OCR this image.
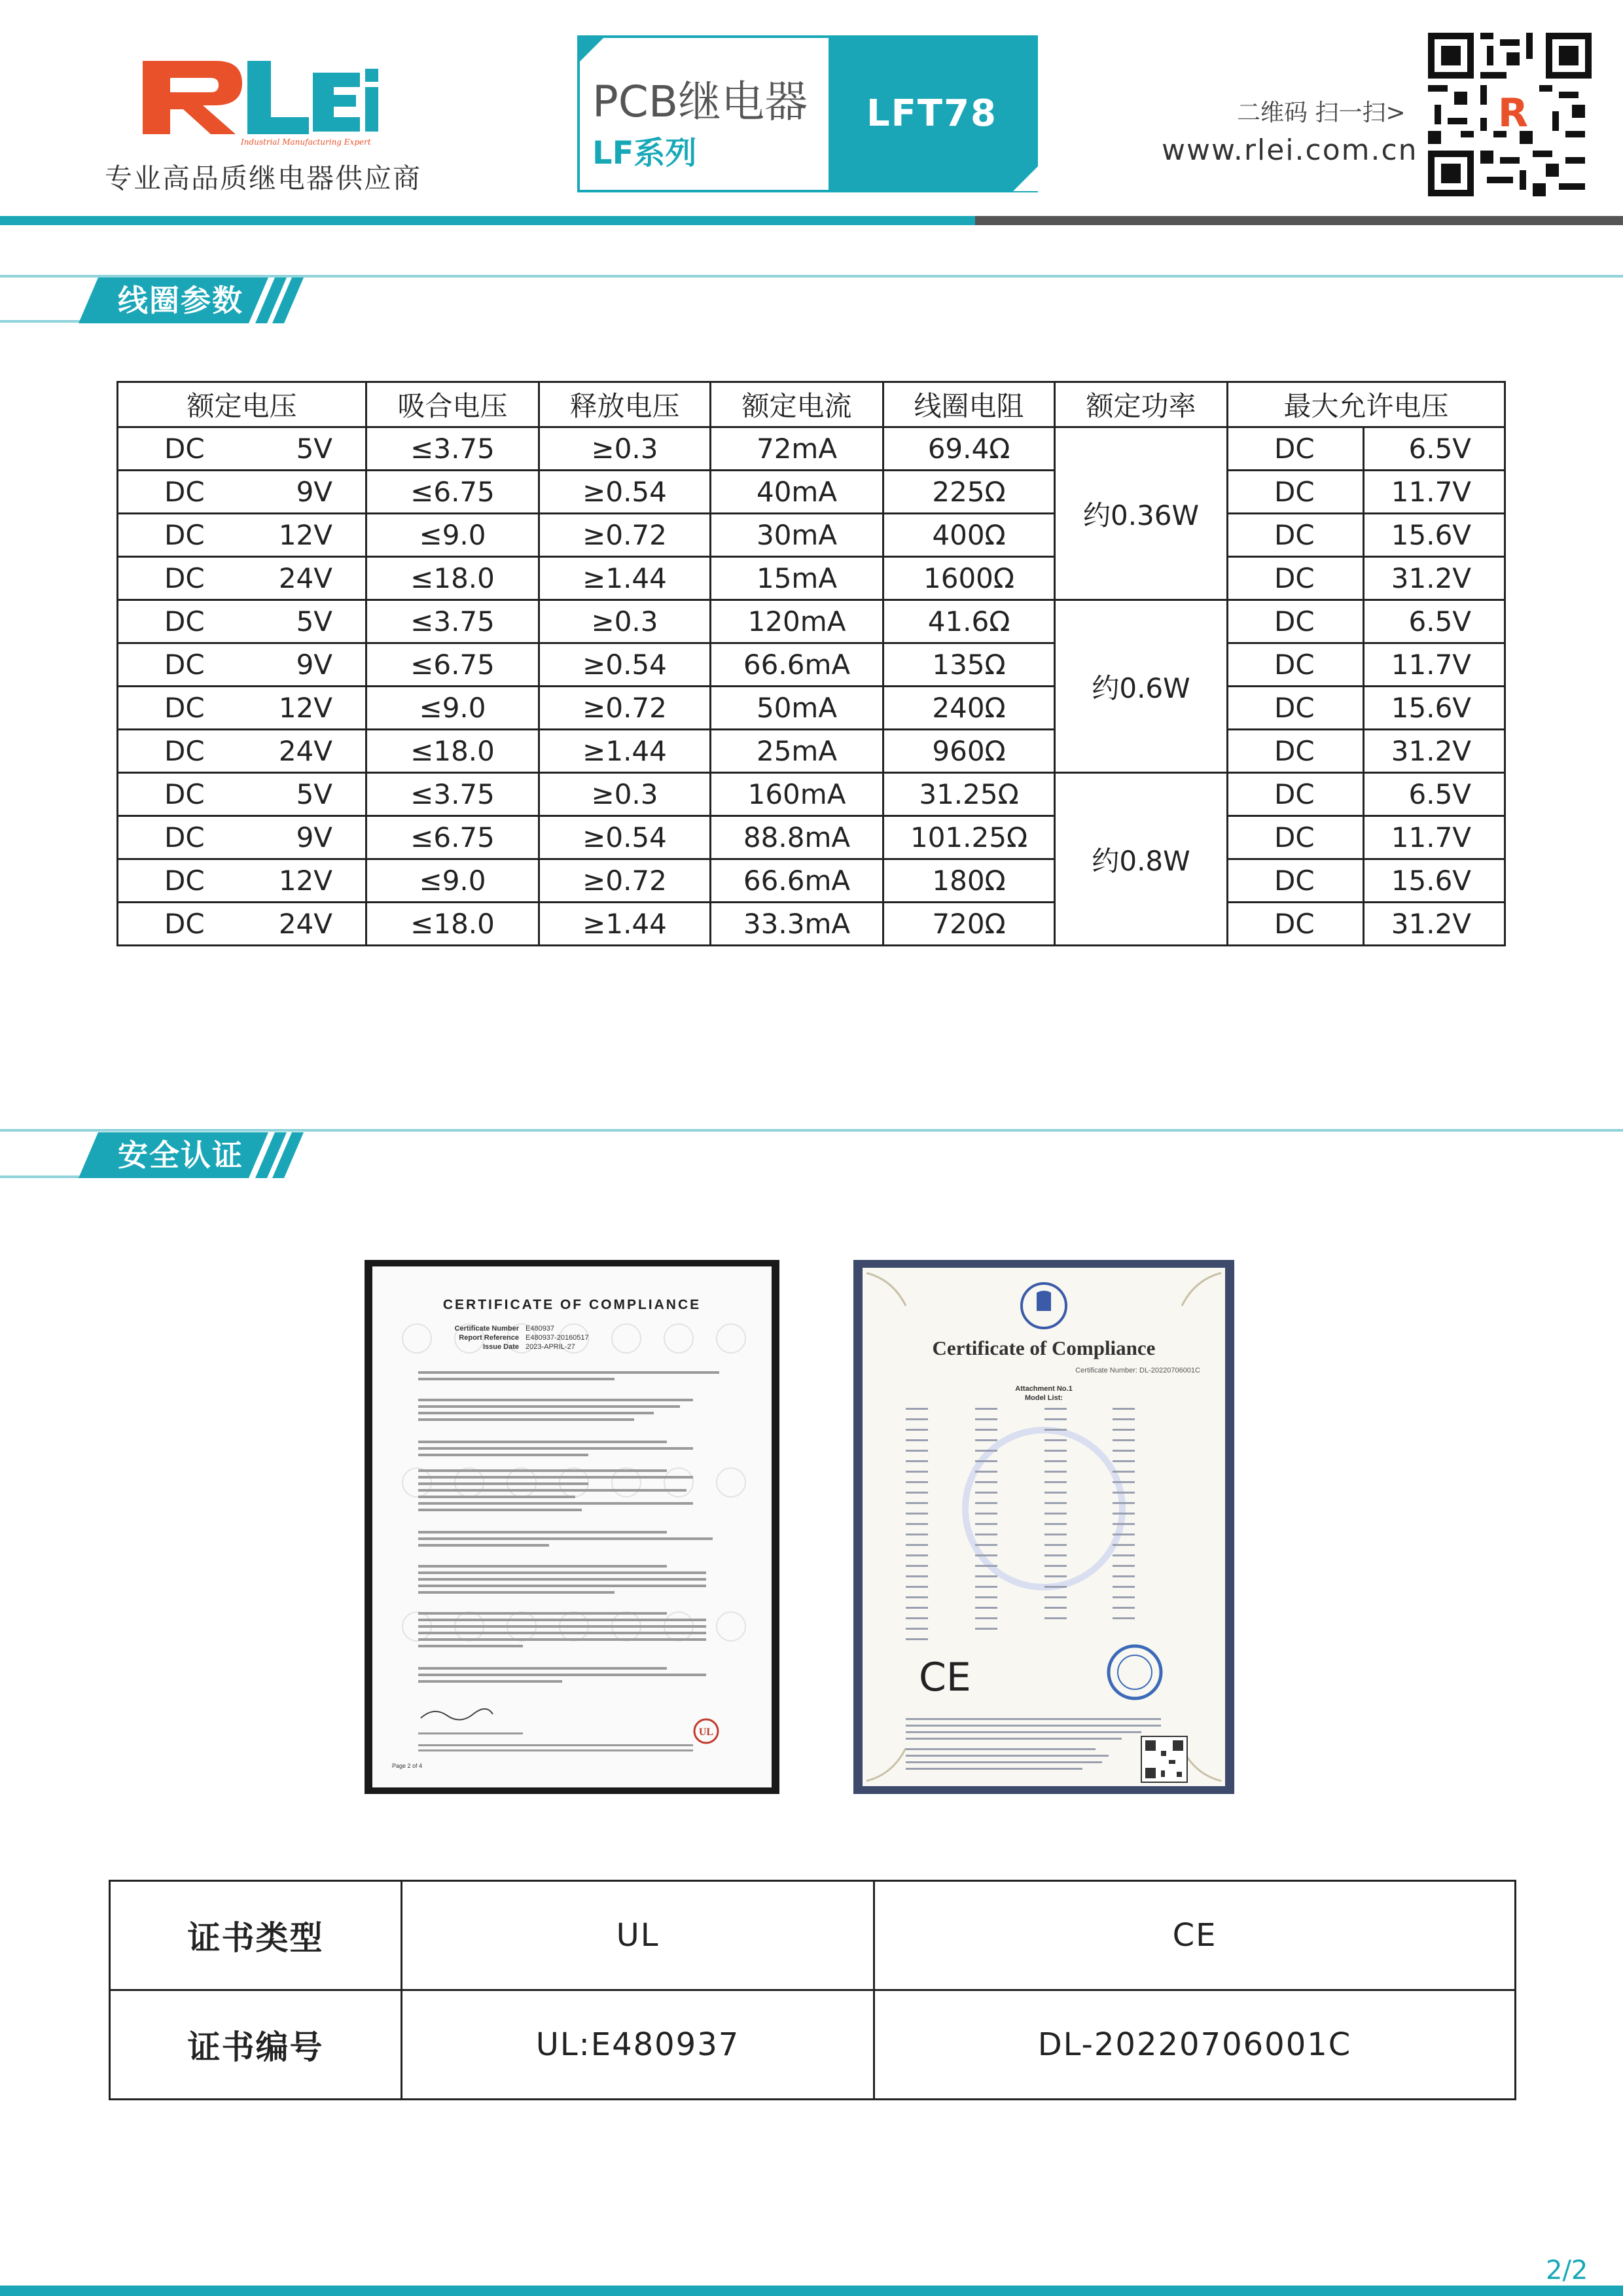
Industrial Manufacturing Expert
专业高品质继电器供应商
PCB继电器
LF系列
LFT78	二维码 扫一扫>
www.rlei.com.cn
R
线圈参数
额定电压		吸合电压	释放电压	额定电流	线圈电阻	额定功率	最大允许电压	
DC	5V	≤3.75	≥0.3	72mA	69.4Ω	约0.36W	DC	6.5V
DC	9V	≤6.75	≥0.54	40mA	225Ω		DC	11.7V
DC	12V	≤9.0	≥0.72	30mA	400Ω		DC	15.6V
DC	24V	≤18.0	≥1.44	15mA	1600Ω		DC	31.2V
DC	5V	≤3.75	≥0.3	120mA	41.6Ω	约0.6W	DC	6.5V
DC	9V	≤6.75	≥0.54	66.6mA	135Ω		DC	11.7V
DC	12V	≤9.0	≥0.72	50mA	240Ω		DC	15.6V
DC	24V	≤18.0	≥1.44	25mA	960Ω		DC	31.2V
DC	5V	≤3.75	≥0.3	160mA	31.25Ω	约0.8W	DC	6.5V
DC	9V	≤6.75	≥0.54	88.8mA	101.25Ω		DC	11.7V
DC	12V	≤9.0	≥0.72	66.6mA	180Ω		DC	15.6V
DC	24V	≤18.0	≥1.44	33.3mA	720Ω		DC	31.2V
安全认证
CERTIFICATE OF COMPLIANCE
Certificate Number E480937
Report Reference E480937-20160517
Issue Date 2023-APRIL-27
UL
Page 2 of 4
Certificate of Compliance
Certificate Number: DL-20220706001C
Attachment No.1
Model List:
CE
证书类型	UL	CE
证书编号	UL:E480937	DL-20220706001C
2/2
